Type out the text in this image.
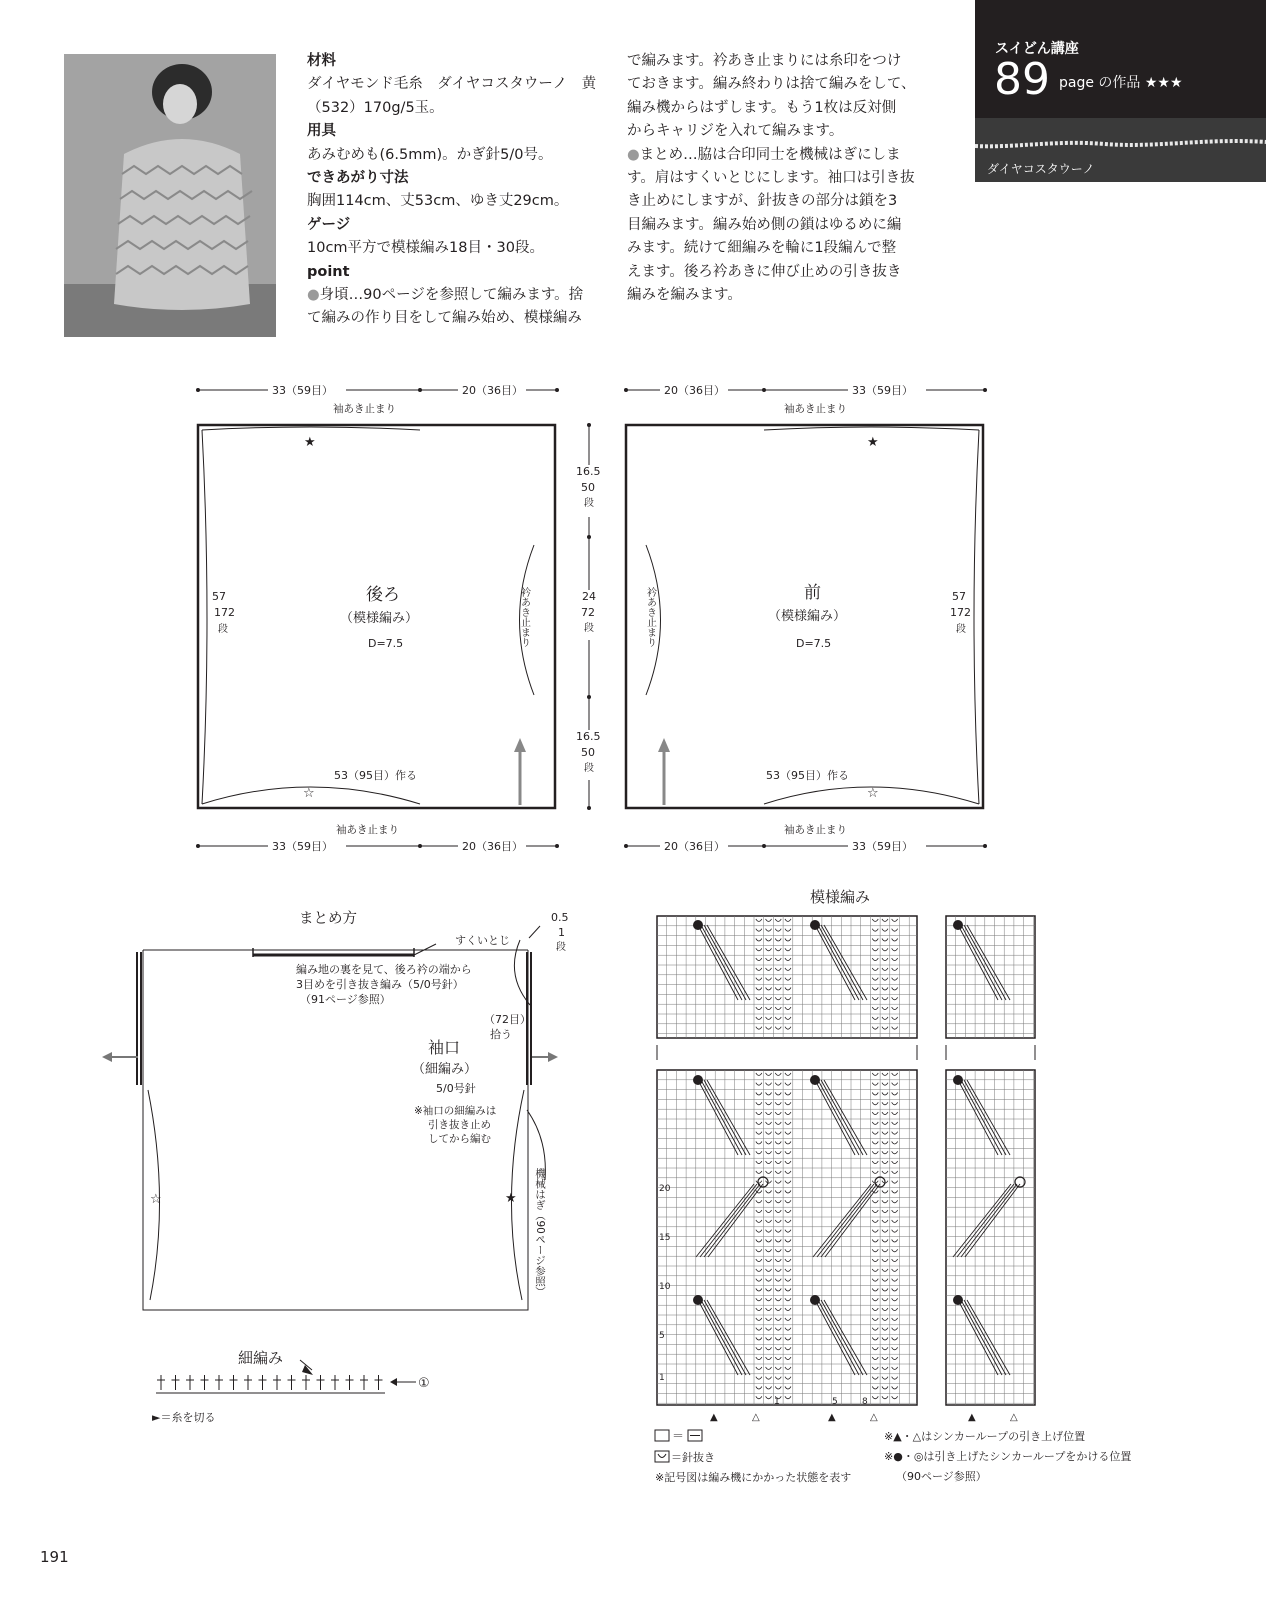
材料

ダイヤモンド毛糸　ダイヤコスタウーノ　黄

（532）170g/5玉。

用具

あみむめも(6.5mm)。かぎ針5/0号。

できあがり寸法

胸囲114cm、丈53cm、ゆき丈29cm。

ゲージ

10cm平方で模様編み18目・30段。

point

●身頃…90ページを参照して編みます。捨

て編みの作り目をして編み始め、模様編み

で編みます。衿あき止まりには糸印をつけ

ておきます。編み終わりは捨て編みをして、

編み機からはずします。もう1枚は反対側

からキャリジを入れて編みます。

●まとめ…脇は合印同士を機械はぎにしま

す。肩はすくいとじにします。袖口は引き抜

き止めにしますが、針抜きの部分は鎖を3

目編みます。編み始め側の鎖はゆるめに編

みます。続けて細編みを輪に1段編んで整

えます。後ろ衿あきに伸び止めの引き抜き

編みを編みます。

スイどん講座
89 page の作品 ★★★
ダイヤコスタウーノ
33（59目）	20（36目）
33（59目）	20（36目）
袖あき止まり
袖あき止まり
53（95目）作る
★
☆
後ろ
（模様編み）
D=7.5
57
172
段	衿あき止まり
16.5
50
段
24
72
段
16.5
50
段
20（36目）	33（59目）
20（36目）	33（59目）
袖あき止まり
袖あき止まり
53（95目）作る
★
☆
前
（模様編み）
D=7.5
57
172
段
衿あき止まり
まとめ方
☆	★
すくいとじ
編み地の裏を見て、後ろ衿の端から
3目めを引き抜き編み（5/0号針）
（91ページ参照）
0.5
1
段
（72目）
拾う
袖口
（細編み）
5/0号針
※袖口の細編みは
引き抜き止め
してから編む
機械はぎ（90ページ参照）
細編み
①
►＝糸を切る
模様編み
▲	△	▲	△	▲	△
20
15
10
5
1
1	5	8
＝
＝針抜き
※記号図は編み機にかかった状態を表す
※▲・△はシンカーループの引き上げ位置
※●・◎は引き上げたシンカーループをかける位置
（90ページ参照）
191
